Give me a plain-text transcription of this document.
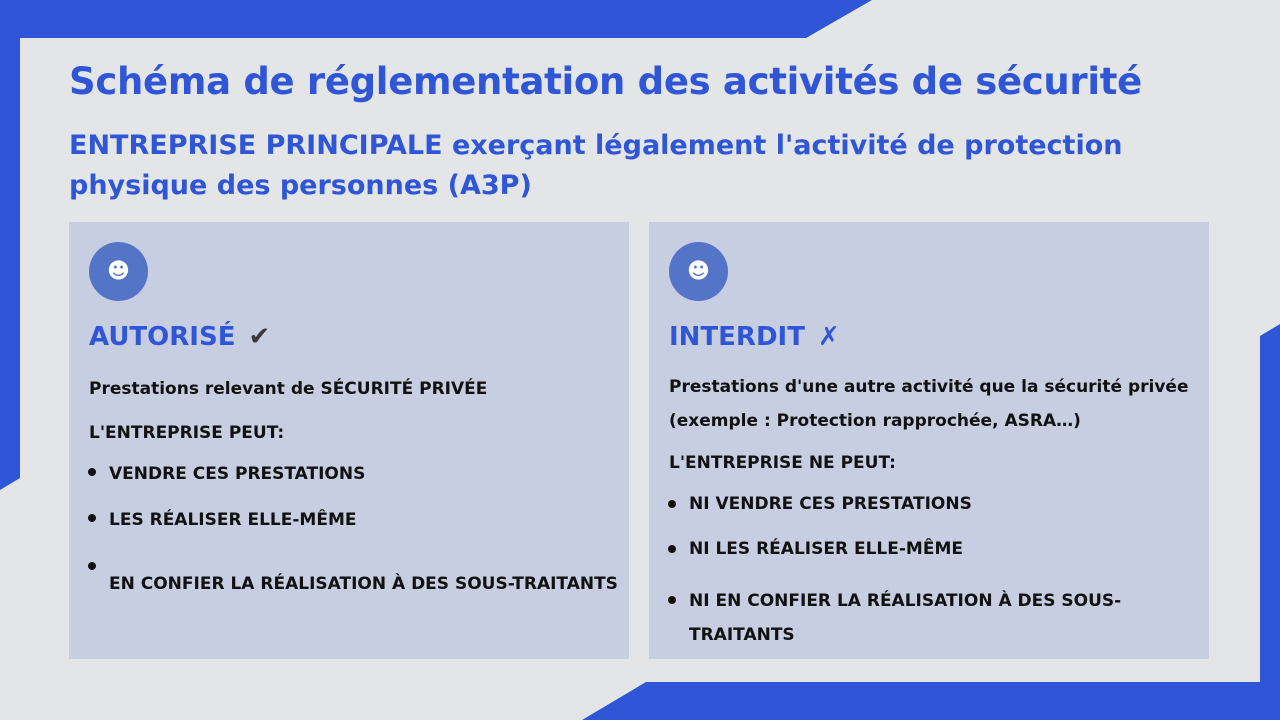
Schéma de réglementation des activités de sécurité
ENTREPRISE PRINCIPALE exerçant légalement l'activité de protection physique des personnes (A3P)
☻
AUTORISÉ ✔

Prestations relevant de SÉCURITÉ PRIVÉE

L'ENTREPRISE PEUT:

VENDRE CES PRESTATIONS
LES RÉALISER ELLE-MÊME
EN CONFIER LA RÉALISATION À DES SOUS-TRAITANTS
☻
INTERDIT ✗

Prestations d'une autre activité que la sécurité privée (exemple : Protection rapprochée, ASRA…)

L'ENTREPRISE NE PEUT:

NI VENDRE CES PRESTATIONS
NI LES RÉALISER ELLE-MÊME
NI EN CONFIER LA RÉALISATION À DES SOUS-TRAITANTS
